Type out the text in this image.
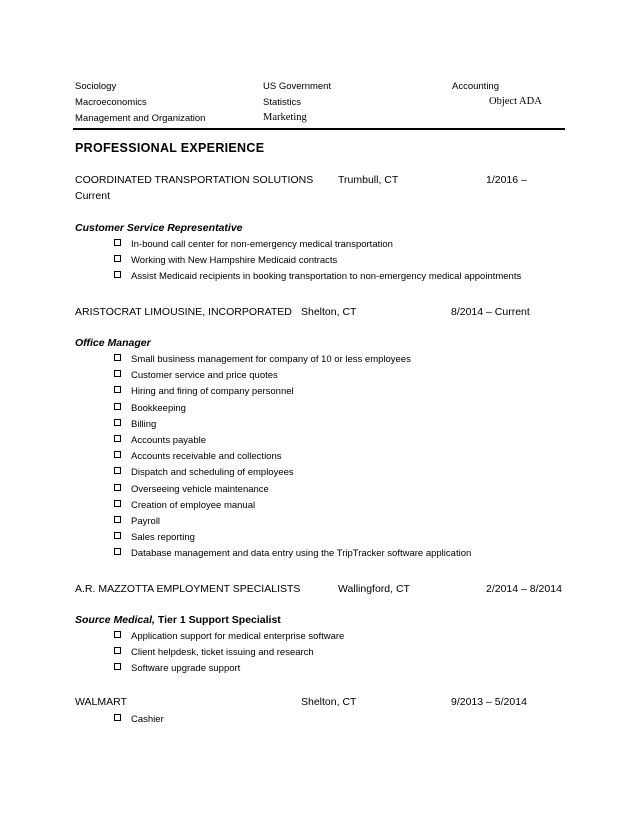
Sociology	US Government	Accounting
Macroeconomics	Statistics	Object ADA
Management and Organization	Marketing
PROFESSIONAL EXPERIENCE
COORDINATED TRANSPORTATION SOLUTIONS Trumbull, CT	1/2016 –
Current
Customer Service Representative
In-bound call center for non-emergency medical transportation
Working with New Hampshire Medicaid contracts
Assist Medicaid recipients in booking transportation to non-emergency medical appointments
ARISTOCRAT LIMOUSINE, INCORPORATED Shelton, CT	8/2014 – Current
Office Manager
Small business management for company of 10 or less employees
Customer service and price quotes
Hiring and firing of company personnel
Bookkeeping
Billing
Accounts payable
Accounts receivable and collections
Dispatch and scheduling of employees
Overseeing vehicle maintenance
Creation of employee manual
Payroll
Sales reporting
Database management and data entry using the TripTracker software application
A.R. MAZZOTTA EMPLOYMENT SPECIALISTS	Wallingford, CT	2/2014 – 8/2014
Source Medical, Tier 1 Support Specialist
Application support for medical enterprise software
Client helpdesk, ticket issuing and research
Software upgrade support
WALMART	Shelton, CT	9/2013 – 5/2014
Cashier
